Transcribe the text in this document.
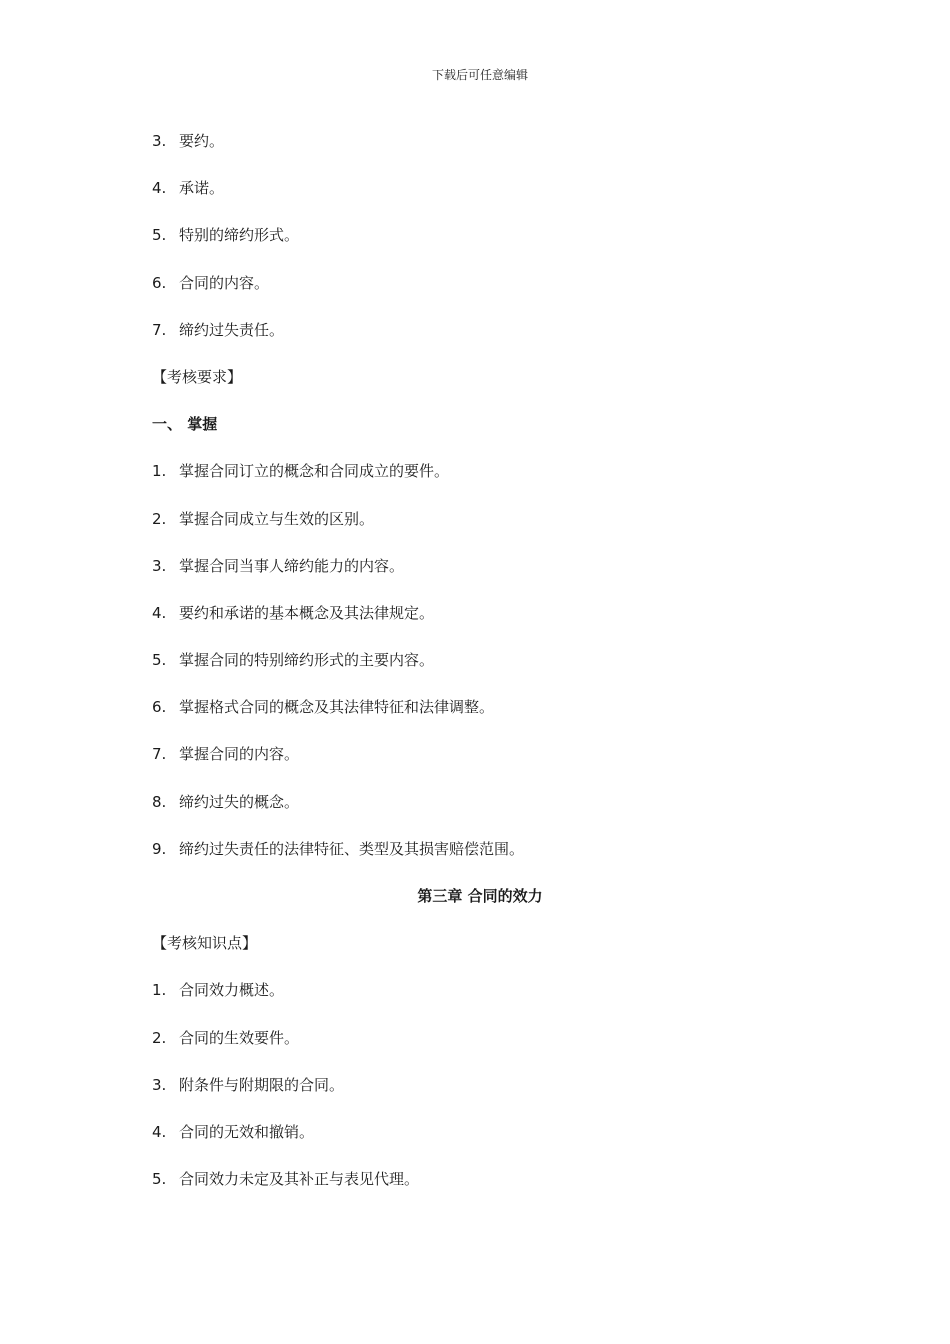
下载后可任意编辑
3. 要约。
4. 承诺。
5. 特别的缔约形式。
6. 合同的内容。
7. 缔约过失责任。
【考核要求】
一、 掌握
1. 掌握合同订立的概念和合同成立的要件。
2. 掌握合同成立与生效的区别。
3. 掌握合同当事人缔约能力的内容。
4. 要约和承诺的基本概念及其法律规定。
5. 掌握合同的特别缔约形式的主要内容。
6. 掌握格式合同的概念及其法律特征和法律调整。
7. 掌握合同的内容。
8. 缔约过失的概念。
9. 缔约过失责任的法律特征、类型及其损害赔偿范围。
第三章 合同的效力
【考核知识点】
1. 合同效力概述。
2. 合同的生效要件。
3. 附条件与附期限的合同。
4. 合同的无效和撤销。
5. 合同效力未定及其补正与表见代理。
